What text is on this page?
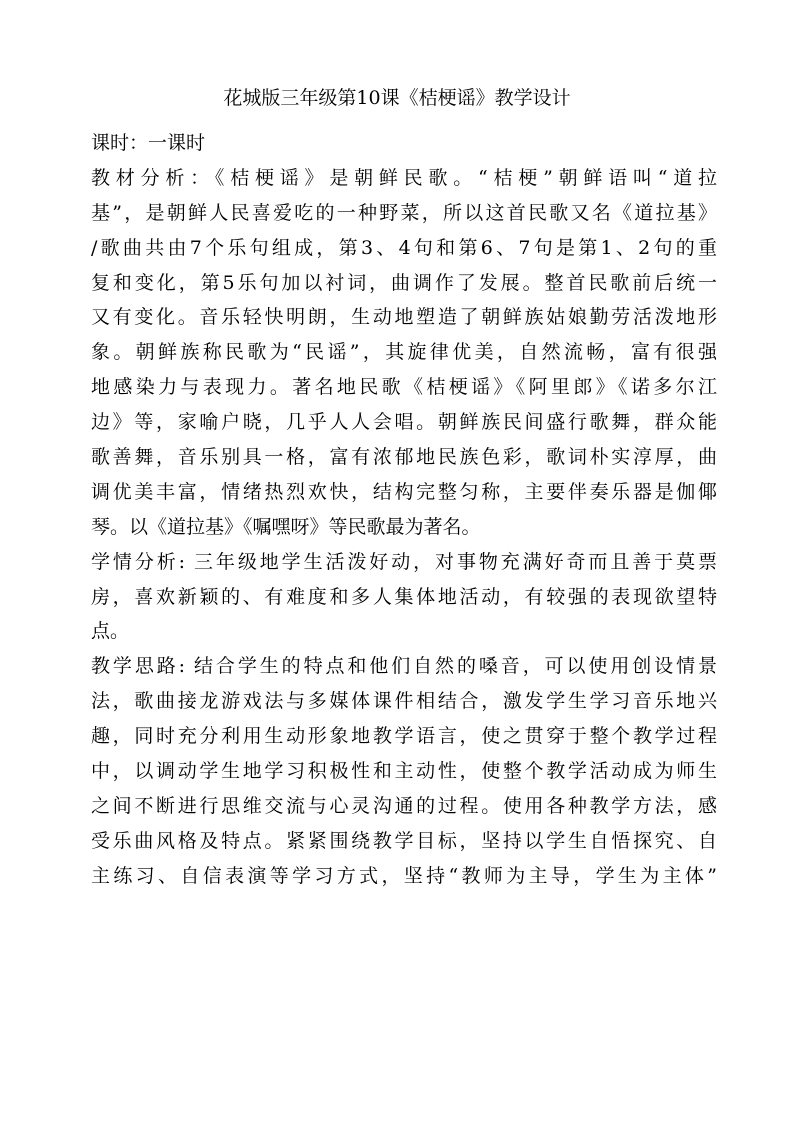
花城版三年级第10课《桔梗谣》教学设计
课时：一课时
教材分析：《桔梗谣》是朝鲜民歌。“桔梗”朝鲜语叫“道拉
基”，是朝鲜人民喜爱吃的一种野菜，所以这首民歌又名《道拉基》
/歌曲共由7个乐句组成，第3、4句和第6、7句是第1、2句的重
复和变化，第5乐句加以衬词，曲调作了发展。整首民歌前后统一
又有变化。音乐轻快明朗，生动地塑造了朝鲜族姑娘勤劳活泼地形
象。朝鲜族称民歌为“民谣”，其旋律优美，自然流畅，富有很强
地感染力与表现力。著名地民歌《桔梗谣》《阿里郎》《诺多尔江
边》等，家喻户晓，几乎人人会唱。朝鲜族民间盛行歌舞，群众能
歌善舞，音乐别具一格，富有浓郁地民族色彩，歌词朴实淳厚，曲
调优美丰富，情绪热烈欢快，结构完整匀称，主要伴奏乐器是伽倻
琴。以《道拉基》《嘱嘿呀》等民歌最为著名。
学情分析: 三年级地学生活泼好动，对事物充满好奇而且善于莫票
房，喜欢新颖的、有难度和多人集体地活动，有较强的表现欲望特
点。
教学思路: 结合学生的特点和他们自然的嗓音，可以使用创设情景
法，歌曲接龙游戏法与多媒体课件相结合，激发学生学习音乐地兴
趣，同时充分利用生动形象地教学语言，使之贯穿于整个教学过程
中，以调动学生地学习积极性和主动性，使整个教学活动成为师生
之间不断进行思维交流与心灵沟通的过程。使用各种教学方法，感
受乐曲风格及特点。紧紧围绕教学目标，坚持以学生自悟探究、自
主练习、自信表演等学习方式，坚持“教师为主导，学生为主体”
